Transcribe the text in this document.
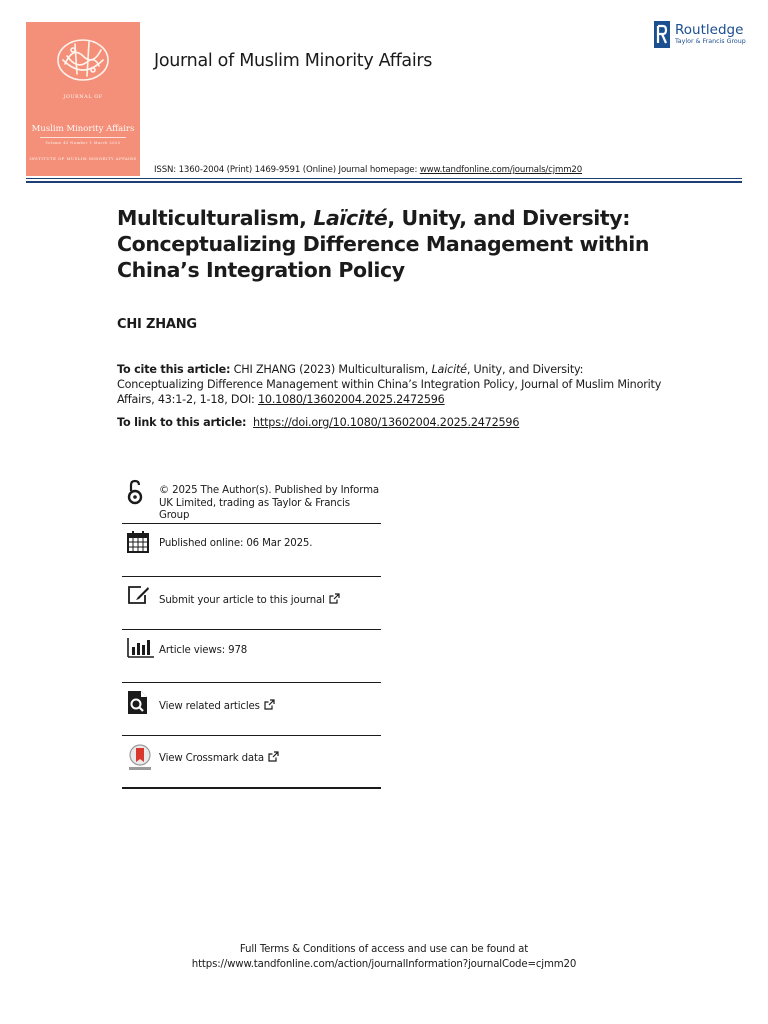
JOURNAL OF
Muslim Minority Affairs
Volume 45 Number 1 March 2025
INSTITUTE OF MUSLIM MINORITY AFFAIRS
Journal of Muslim Minority Affairs
Routledge
Taylor & Francis Group
ISSN: 1360-2004 (Print) 1469-9591 (Online) Journal homepage: www.tandfonline.com/journals/cjmm20
Multiculturalism, Laïcité, Unity, and Diversity: Conceptualizing Difference Management within China’s Integration Policy
CHI ZHANG

To cite this article: CHI ZHANG (2023) Multiculturalism, Laicité, Unity, and Diversity: Conceptualizing Difference Management within China’s Integration Policy, Journal of Muslim Minority Affairs, 43:1-2, 1-18, DOI: 10.1080/13602004.2025.2472596

To link to this article: https://doi.org/10.1080/13602004.2025.2472596
© 2025 The Author(s). Published by Informa UK Limited, trading as Taylor & Francis Group
Published online: 06 Mar 2025.
Submit your article to this journal
Article views: 978
View related articles
View Crossmark data
Full Terms & Conditions of access and use can be found at
https://www.tandfonline.com/action/journalInformation?journalCode=cjmm20
